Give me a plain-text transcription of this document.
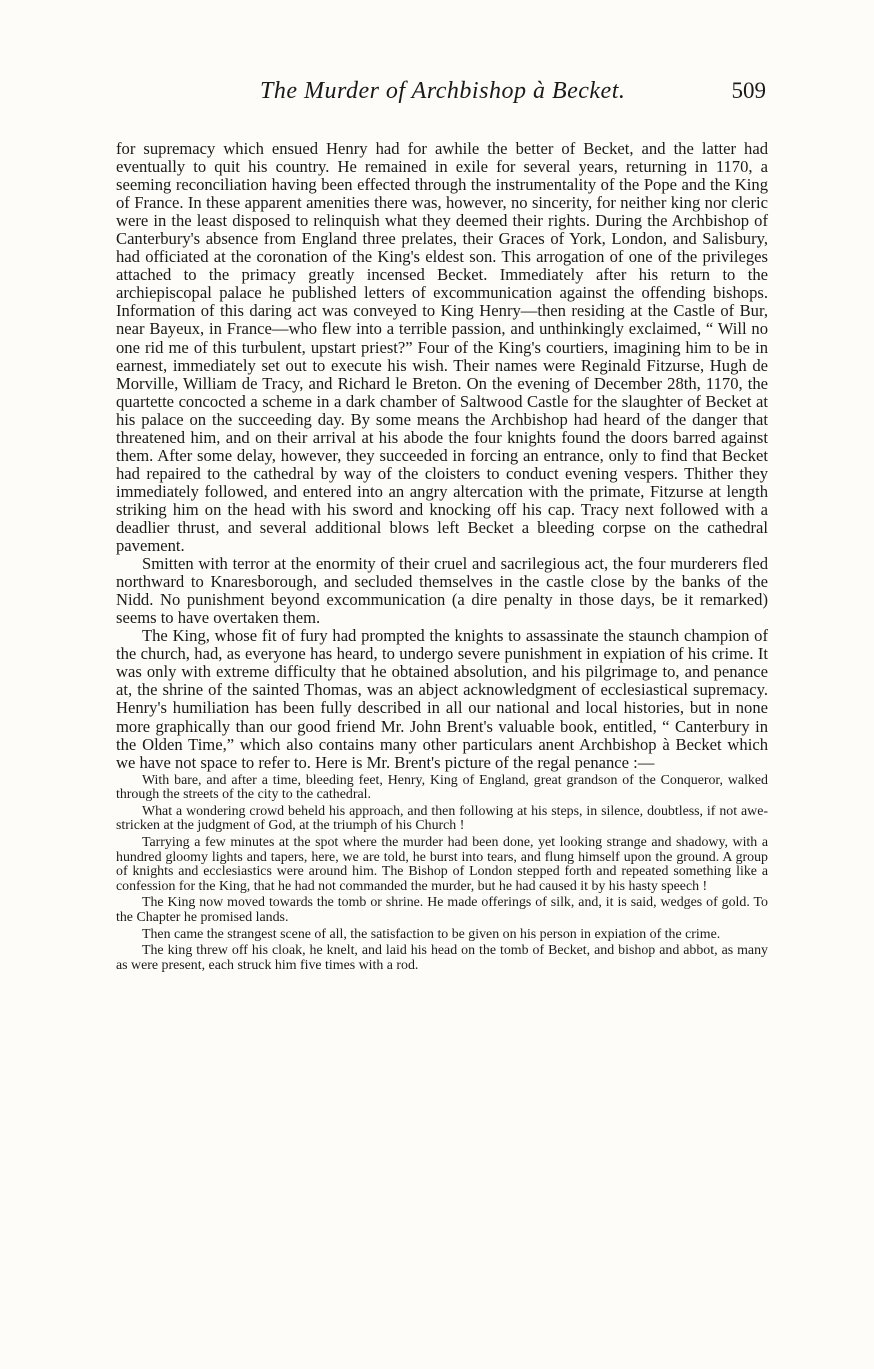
The Murder of Archbishop à Becket.	509

for supremacy which ensued Henry had for awhile the better of Becket, and the latter had eventually to quit his country. He remained in exile for several years, returning in 1170, a seeming reconciliation having been effected through the instrumentality of the Pope and the King of France. In these apparent amenities there was, however, no sincerity, for neither king nor cleric were in the least disposed to relinquish what they deemed their rights. During the Archbishop of Canterbury's absence from England three prelates, their Graces of York, London, and Salisbury, had officiated at the coronation of the King's eldest son. This arrogation of one of the privileges attached to the primacy greatly incensed Becket. Immediately after his return to the archiepiscopal palace he published letters of excommunication against the offending bishops. Information of this daring act was conveyed to King Henry—then residing at the Castle of Bur, near Bayeux, in France—who flew into a terrible passion, and unthinkingly exclaimed, “ Will no one rid me of this turbulent, upstart priest?” Four of the King's courtiers, imagining him to be in earnest, immediately set out to execute his wish. Their names were Reginald Fitzurse, Hugh de Morville, William de Tracy, and Richard le Breton. On the evening of December 28th, 1170, the quartette concocted a scheme in a dark chamber of Saltwood Castle for the slaughter of Becket at his palace on the succeeding day. By some means the Archbishop had heard of the danger that threatened him, and on their arrival at his abode the four knights found the doors barred against them. After some delay, however, they succeeded in forcing an entrance, only to find that Becket had repaired to the cathedral by way of the cloisters to conduct evening vespers. Thither they immediately followed, and entered into an angry altercation with the primate, Fitzurse at length striking him on the head with his sword and knocking off his cap. Tracy next followed with a deadlier thrust, and several additional blows left Becket a bleeding corpse on the cathedral pavement.

Smitten with terror at the enormity of their cruel and sacrilegious act, the four murderers fled northward to Knaresborough, and secluded themselves in the castle close by the banks of the Nidd. No punishment beyond excommunication (a dire penalty in those days, be it remarked) seems to have overtaken them.

The King, whose fit of fury had prompted the knights to assassinate the staunch champion of the church, had, as everyone has heard, to undergo severe punishment in expiation of his crime. It was only with extreme difficulty that he obtained absolution, and his pilgrimage to, and penance at, the shrine of the sainted Thomas, was an abject acknowledgment of ecclesiastical supremacy. Henry's humiliation has been fully described in all our national and local histories, but in none more graphically than our good friend Mr. John Brent's valuable book, entitled, “ Canterbury in the Olden Time,” which also contains many other particulars anent Archbishop à Becket which we have not space to refer to. Here is Mr. Brent's picture of the regal penance :—

With bare, and after a time, bleeding feet, Henry, King of England, great grandson of the Conqueror, walked through the streets of the city to the cathedral.

What a wondering crowd beheld his approach, and then following at his steps, in silence, doubtless, if not awe-stricken at the judgment of God, at the triumph of his Church !

Tarrying a few minutes at the spot where the murder had been done, yet looking strange and shadowy, with a hundred gloomy lights and tapers, here, we are told, he burst into tears, and flung himself upon the ground. A group of knights and ecclesiastics were around him. The Bishop of London stepped forth and repeated something like a confession for the King, that he had not commanded the murder, but he had caused it by his hasty speech !

The King now moved towards the tomb or shrine. He made offerings of silk, and, it is said, wedges of gold. To the Chapter he promised lands.

Then came the strangest scene of all, the satisfaction to be given on his person in expiation of the crime.

The king threw off his cloak, he knelt, and laid his head on the tomb of Becket, and bishop and abbot, as many as were present, each struck him five times with a rod.
